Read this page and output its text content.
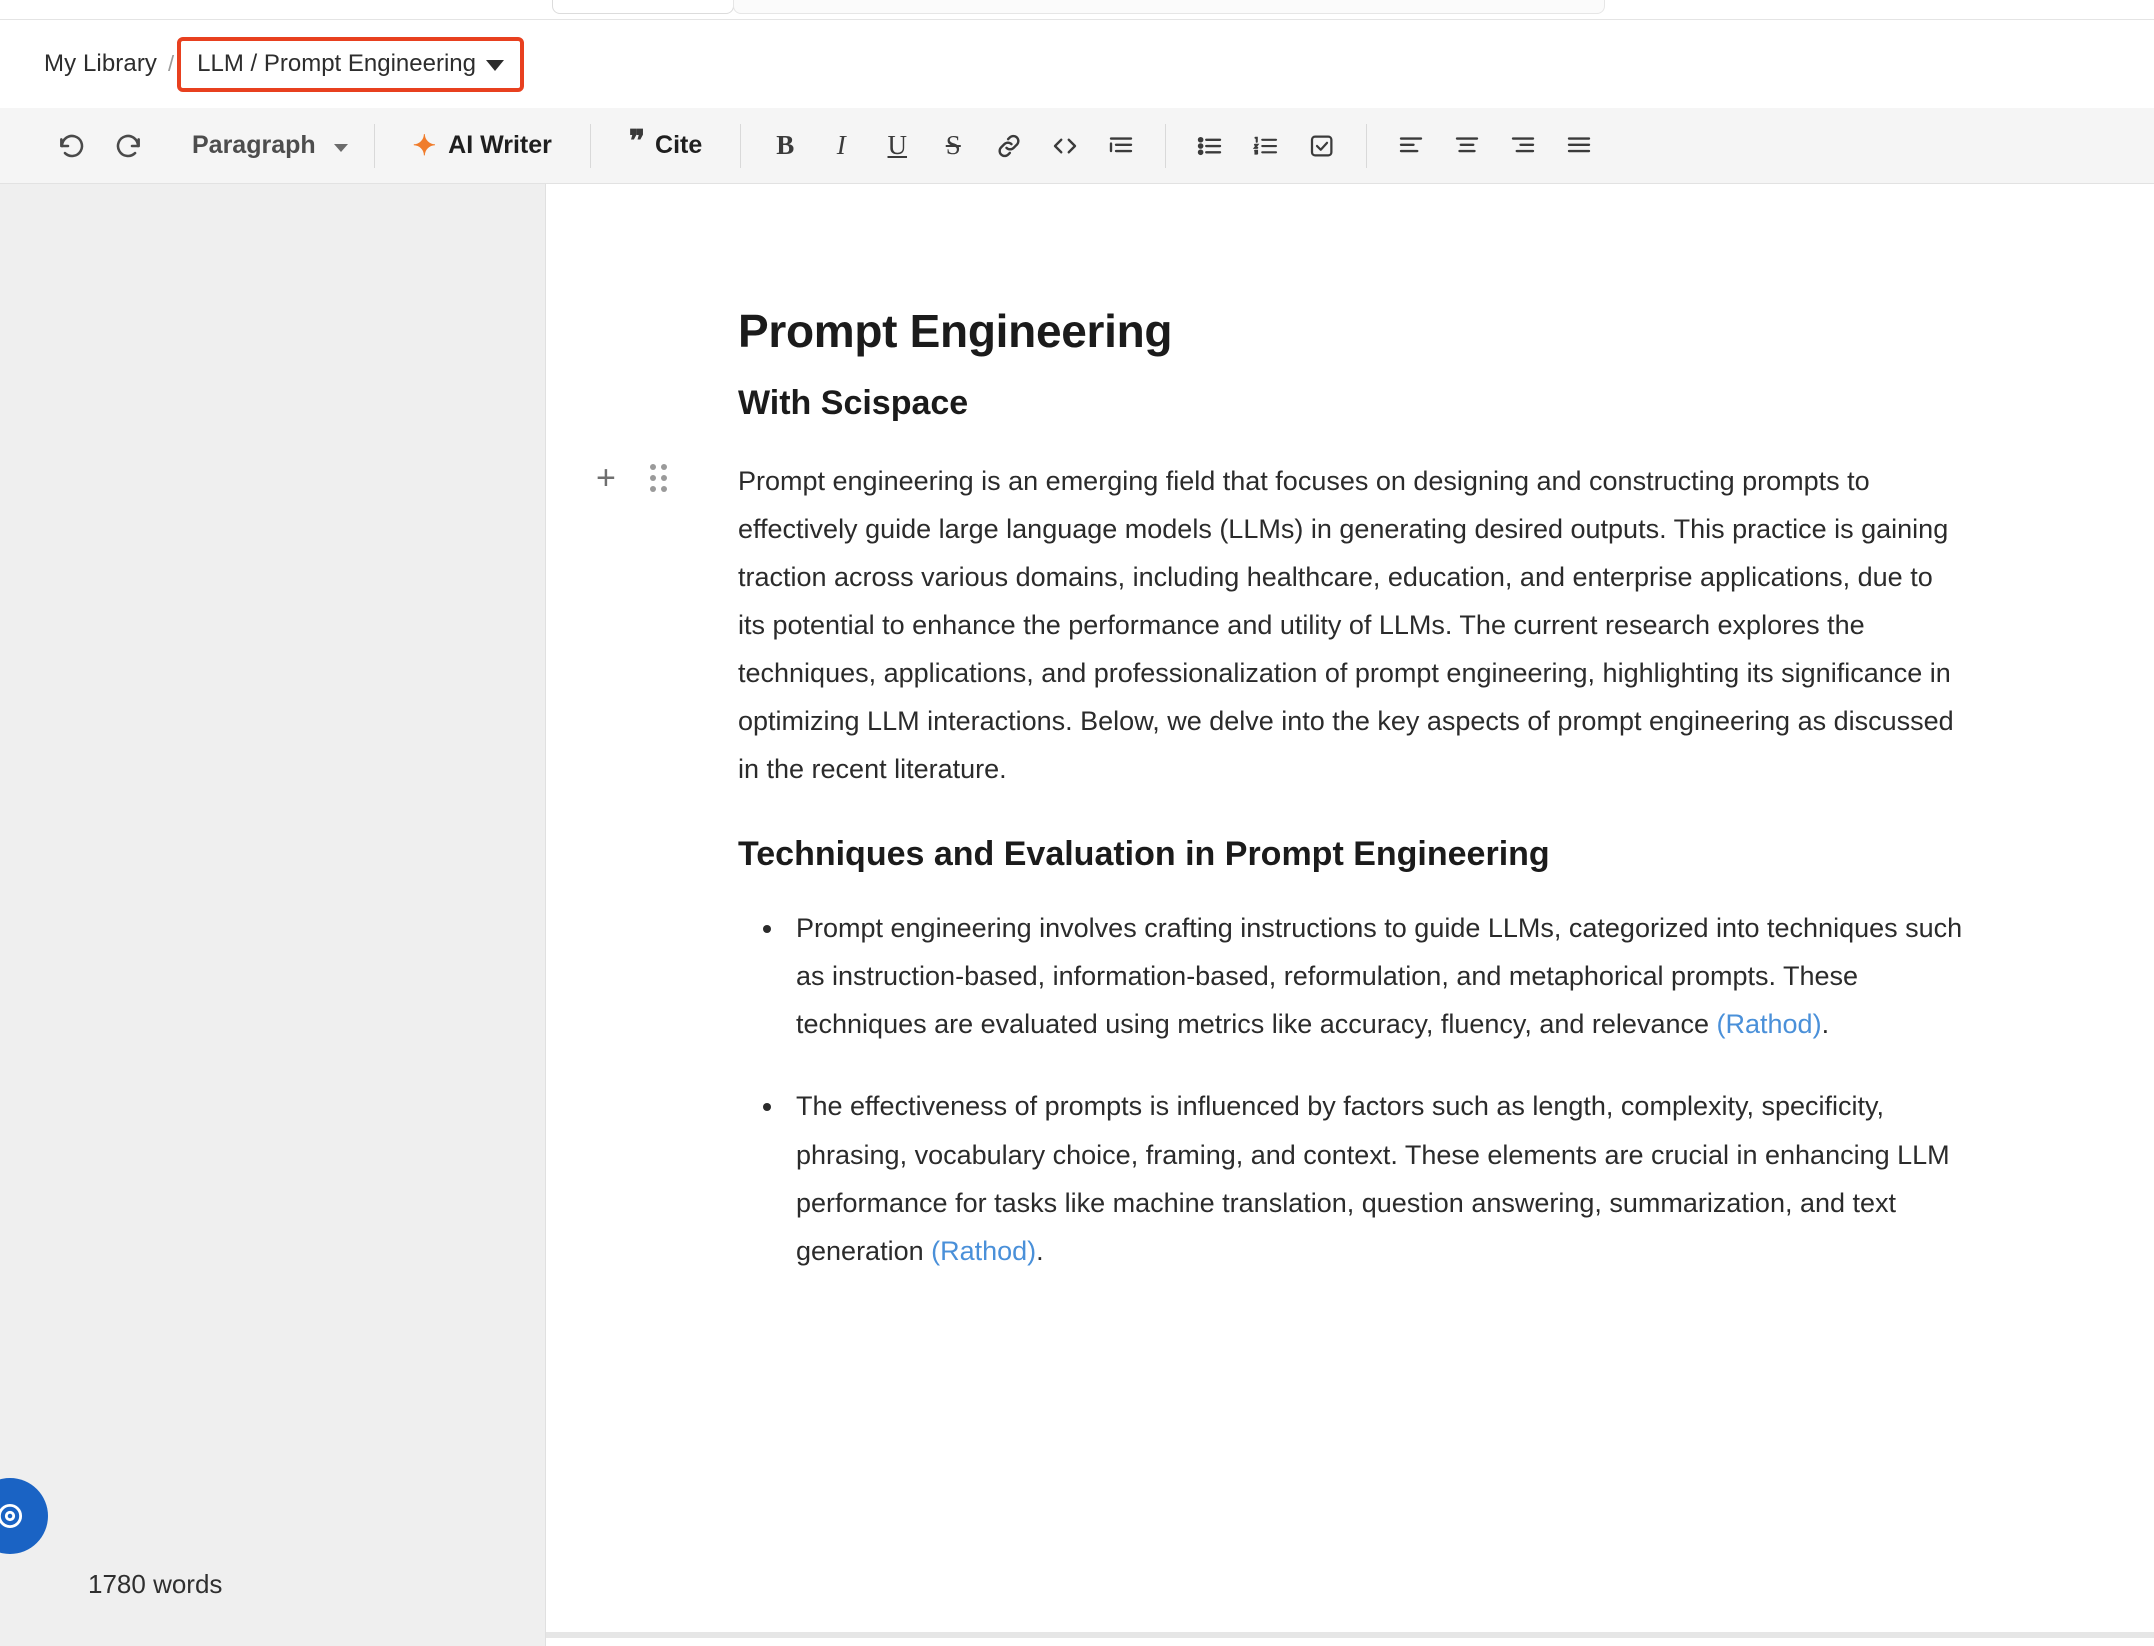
My Library / LLM / Prompt Engineering
Paragraph	✦ AI Writer	❞ Cite	B I U S
1780 words
Prompt Engineering
With Scispace
+	Prompt engineering is an emerging field that focuses on designing and constructing prompts to effectively guide large language models (LLMs) in generating desired outputs. This practice is gaining traction across various domains, including healthcare, education, and enterprise applications, due to its potential to enhance the performance and utility of LLMs. The current research explores the techniques, applications, and professionalization of prompt engineering, highlighting its significance in optimizing LLM interactions. Below, we delve into the key aspects of prompt engineering as discussed in the recent literature.

Techniques and Evaluation in Prompt Engineering
• Prompt engineering involves crafting instructions to guide LLMs, categorized into techniques such as instruction-based, information-based, reformulation, and metaphorical prompts. These techniques are evaluated using metrics like accuracy, fluency, and relevance (Rathod).
• The effectiveness of prompts is influenced by factors such as length, complexity, specificity, phrasing, vocabulary choice, framing, and context. These elements are crucial in enhancing LLM performance for tasks like machine translation, question answering, summarization, and text generation (Rathod).
